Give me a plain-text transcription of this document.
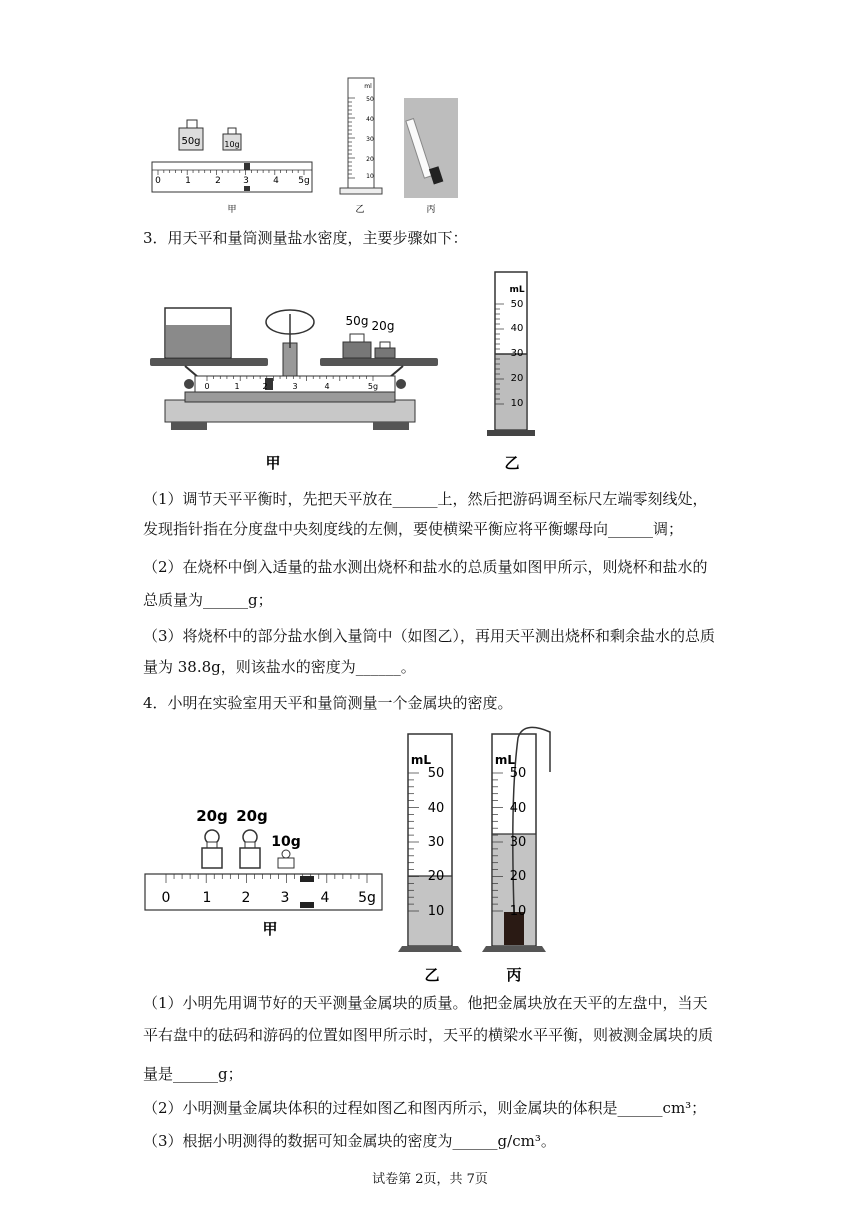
50g	10g
0	1	2 3	4 5g
甲
ml
50
40
30
20
10
乙	丙
3．用天平和量筒测量盐水密度，主要步骤如下：
0	1	2	3	4	5g
50g 20g
甲
mL
50
40
30
20
10
乙
（1）调节天平平衡时，先把天平放在______上，然后把游码调至标尺左端零刻线处，
发现指针指在分度盘中央刻度线的左侧，要使横梁平衡应将平衡螺母向______调；
（2）在烧杯中倒入适量的盐水测出烧杯和盐水的总质量如图甲所示，则烧杯和盐水的
总质量为______g；
（3）将烧杯中的部分盐水倒入量筒中（如图乙），再用天平测出烧杯和剩余盐水的总质
量为 38.8g，则该盐水的密度为______。
4．小明在实验室用天平和量筒测量一个金属块的密度。
20g 20g
10g
0 1 2 3 4 5g
甲
mL
50
40
30
20
10
乙
mL
50
40
30
20
10
丙
（1）小明先用调节好的天平测量金属块的质量。他把金属块放在天平的左盘中，当天
平右盘中的砝码和游码的位置如图甲所示时，天平的横梁水平平衡，则被测金属块的质
量是______g；
（2）小明测量金属块体积的过程如图乙和图丙所示，则金属块的体积是______cm³；
（3）根据小明测得的数据可知金属块的密度为______g/cm³。
试卷第 2页，共 7页
